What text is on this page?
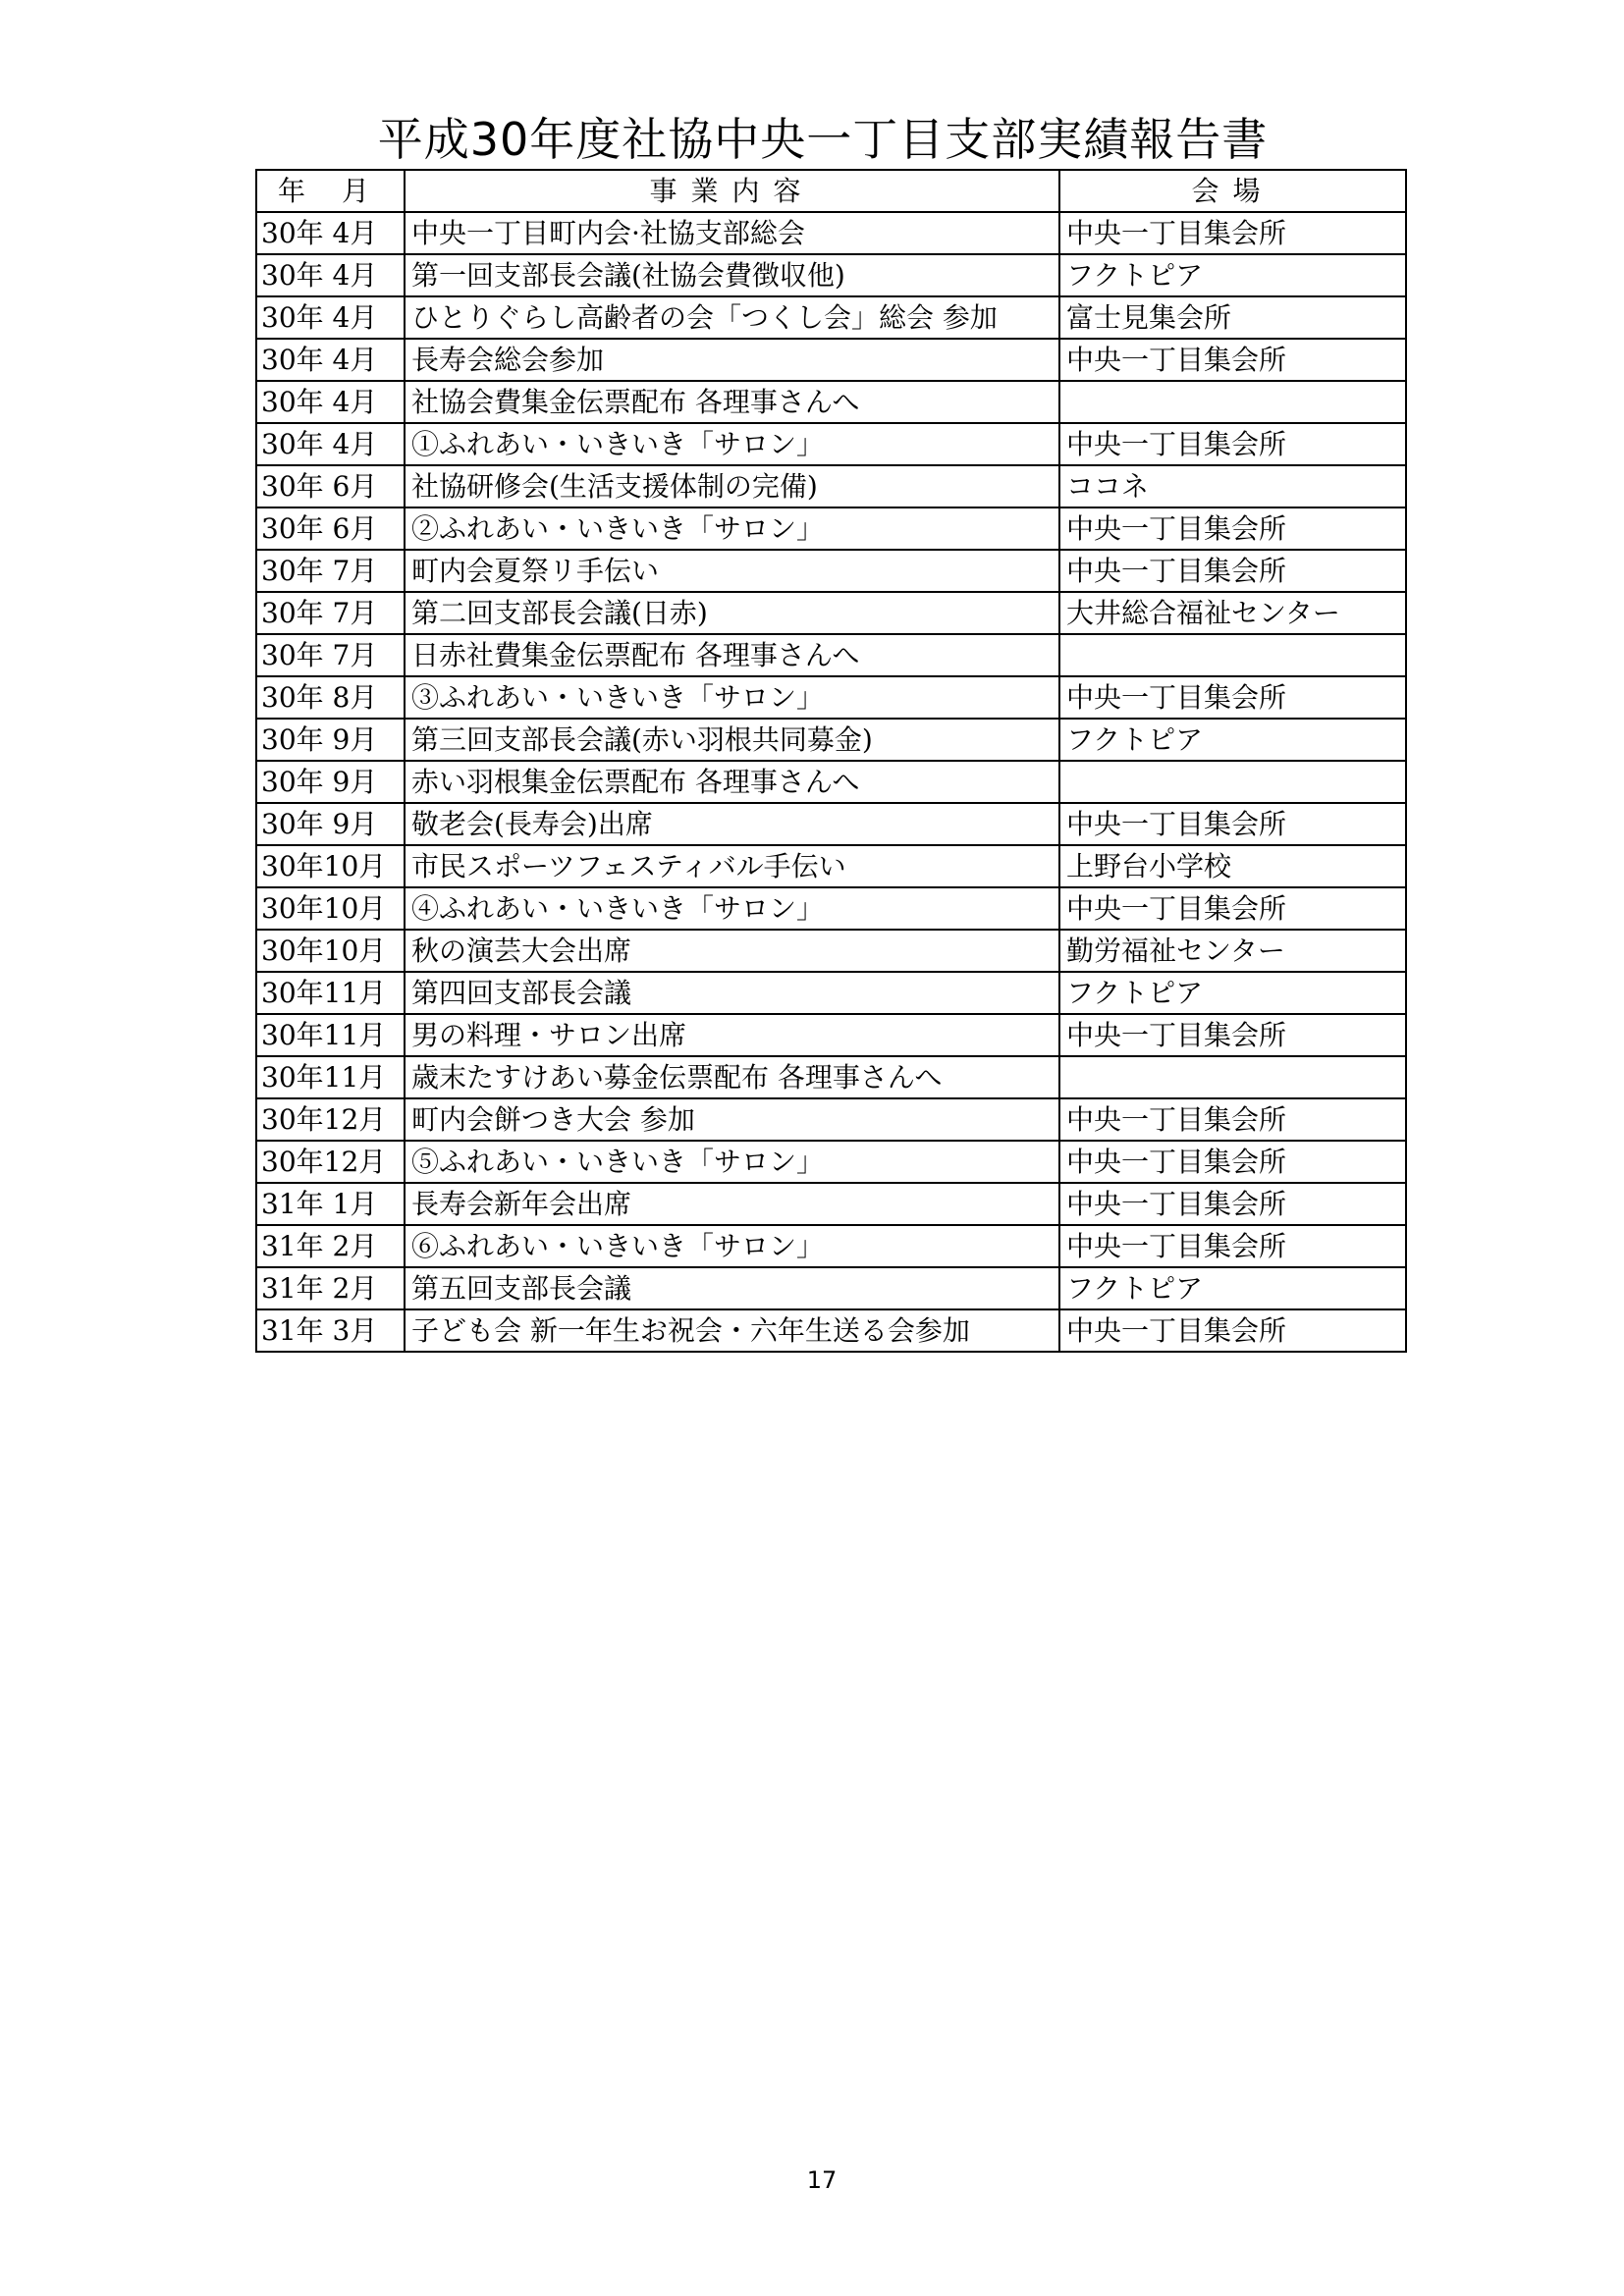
平成30年度社協中央一丁目支部実績報告書
年 月	事業内容	会場
30年 4月	中央一丁目町内会·社協支部総会	中央一丁目集会所
30年 4月	第一回支部長会議(社協会費徴収他)	フクトピア
30年 4月	ひとりぐらし高齢者の会「つくし会」総会 参加	富士見集会所
30年 4月	長寿会総会参加	中央一丁目集会所
30年 4月	社協会費集金伝票配布 各理事さんへ	
30年 4月	①ふれあい・いきいき「サロン」	中央一丁目集会所
30年 6月	社協研修会(生活支援体制の完備)	ココネ
30年 6月	②ふれあい・いきいき「サロン」	中央一丁目集会所
30年 7月	町内会夏祭リ手伝い	中央一丁目集会所
30年 7月	第二回支部長会議(日赤)	大井総合福祉センター
30年 7月	日赤社費集金伝票配布 各理事さんへ	
30年 8月	③ふれあい・いきいき「サロン」	中央一丁目集会所
30年 9月	第三回支部長会議(赤い羽根共同募金)	フクトピア
30年 9月	赤い羽根集金伝票配布 各理事さんへ	
30年 9月	敬老会(長寿会)出席	中央一丁目集会所
30年10月	市民スポーツフェスティバル手伝い	上野台小学校
30年10月	④ふれあい・いきいき「サロン」	中央一丁目集会所
30年10月	秋の演芸大会出席	勤労福祉センター
30年11月	第四回支部長会議	フクトピア
30年11月	男の料理・サロン出席	中央一丁目集会所
30年11月	歳末たすけあい募金伝票配布 各理事さんへ	
30年12月	町内会餅つき大会 参加	中央一丁目集会所
30年12月	⑤ふれあい・いきいき「サロン」	中央一丁目集会所
31年 1月	長寿会新年会出席	中央一丁目集会所
31年 2月	⑥ふれあい・いきいき「サロン」	中央一丁目集会所
31年 2月	第五回支部長会議	フクトピア
31年 3月	子ども会 新一年生お祝会・六年生送る会参加	中央一丁目集会所
17
